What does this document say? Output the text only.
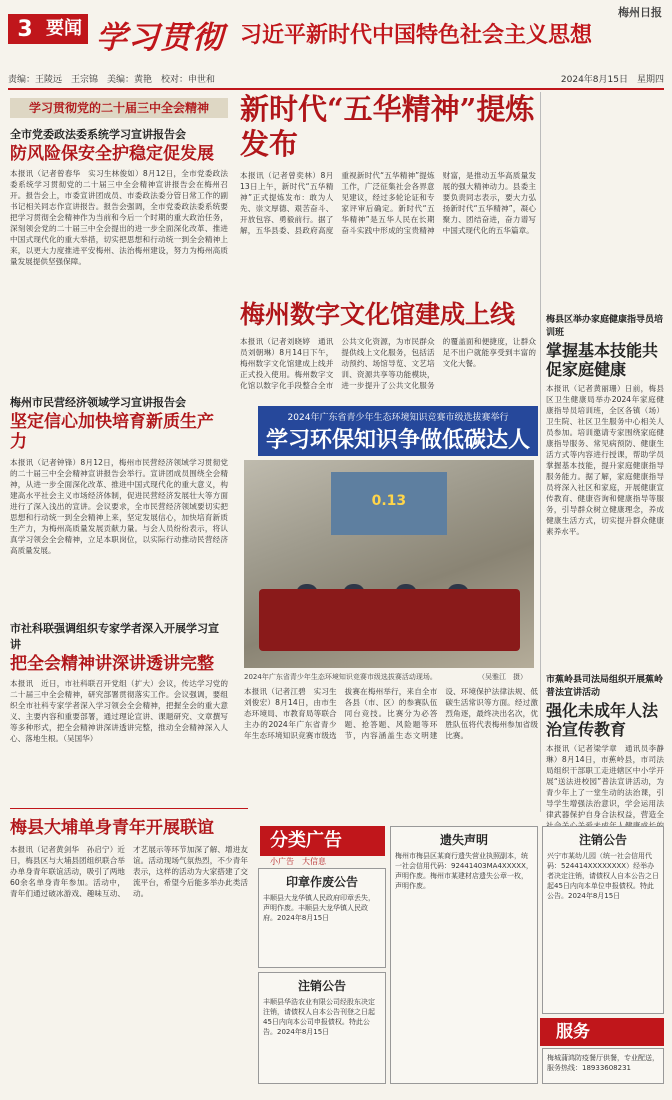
3 要闻 学习贯彻 习近平新时代中国特色社会主义思想
梅州日报
责编：王陵远　王宗锦　美编：黄艳　校对：申世和	2024年8月15日　星期四
学习贯彻党的二十届三中全会精神
全市党委政法委系统学习宣讲报告会
防风险保安全护稳定促发展
本报讯（记者曾春华　实习生林俊如）8月12日，全市党委政法委系统学习贯彻党的二十届三中全会精神宣讲报告会在梅州召开。报告会上，市委宣讲团成员、市委政法委分管日常工作的副书记相关同志作宣讲报告。报告会强调，全市党委政法委系统要把学习贯彻全会精神作为当前和今后一个时期的重大政治任务，深刻领会党的二十届三中全会提出的进一步全面深化改革、推进中国式现代化的重大举措，切实把思想和行动统一到全会精神上来，以更大力度推进平安梅州、法治梅州建设，努力为梅州高质量发展提供坚强保障。
梅州市民营经济领域学习宣讲报告会
坚定信心加快培育新质生产力
本报讯（记者钟锋）8月12日，梅州市民营经济领域学习贯彻党的二十届三中全会精神宣讲报告会举行。宣讲团成员围绕全会精神，从进一步全面深化改革、推进中国式现代化的重大意义，构建高水平社会主义市场经济体制，促进民营经济发展壮大等方面进行了深入浅出的宣讲。会议要求，全市民营经济领域要切实把思想和行动统一到全会精神上来，坚定发展信心，加快培育新质生产力，为梅州高质量发展贡献力量。与会人员纷纷表示，将认真学习领会全会精神，立足本职岗位，以实际行动推动民营经济高质量发展。
市社科联强调组织专家学者深入开展学习宣讲
把全会精神讲深讲透讲完整
本报讯　近日，市社科联召开党组（扩大）会议，传达学习党的二十届三中全会精神，研究部署贯彻落实工作。会议强调，要组织全市社科专家学者深入学习领会全会精神，把握全会的重大意义、主要内容和重要部署，通过理论宣讲、课题研究、文章撰写等多种形式，把全会精神讲深讲透讲完整，推动全会精神深入人心、落地生根。（吴国华）
梅县大埔单身青年开展联谊
本报讯（记者黄剑华　孙启宁）近日，梅县区与大埔县团组织联合举办单身青年联谊活动，吸引了两地60余名单身青年参加。活动中，青年们通过破冰游戏、趣味互动、才艺展示等环节加深了解、增进友谊。活动现场气氛热烈，不少青年表示，这样的活动为大家搭建了交流平台，希望今后能多举办此类活动。
新时代“五华精神”提炼发布
本报讯（记者曾奕林）8月13日上午，新时代“五华精神”正式提炼发布：敢为人先、崇文厚德、艰苦奋斗、开放包容、勇毅前行。据了解，五华县委、县政府高度重视新时代“五华精神”提炼工作，广泛征集社会各界意见建议，经过多轮论证和专家评审后确定。新时代“五华精神”是五华人民在长期奋斗实践中形成的宝贵精神财富，是推动五华高质量发展的强大精神动力。县委主要负责同志表示，要大力弘扬新时代“五华精神”，凝心聚力、团结奋进，奋力谱写中国式现代化的五华篇章。
梅州数字文化馆建成上线
本报讯（记者刘晓婷　通讯员刘朝琳）8月14日下午，梅州数字文化馆建成上线并正式投入使用。梅州数字文化馆以数字化手段整合全市公共文化资源，为市民群众提供线上文化服务，包括活动预约、场馆导览、文艺培训、资源共享等功能模块，进一步提升了公共文化服务的覆盖面和便捷度，让群众足不出户就能享受到丰富的文化大餐。
2024年广东省青少年生态环境知识竞赛市级选拔赛举行
学习环保知识争做低碳达人
0.13
2024年广东省青少年生态环境知识竞赛市级选拔赛活动现场。	（吴雅江　摄）
本报讯（记者江碧　实习生刘俊宏）8月14日，由市生态环境局、市教育局等联合主办的2024年广东省青少年生态环境知识竞赛市级选拔赛在梅州举行，来自全市各县（市、区）的参赛队伍同台竞技。比赛分为必答题、抢答题、风险题等环节，内容涵盖生态文明建设、环境保护法律法规、低碳生活常识等方面。经过激烈角逐，最终决出名次，优胜队伍将代表梅州参加省级比赛。
梅县区举办家庭健康指导员培训班
掌握基本技能共促家庭健康
本报讯（记者黄丽珊）日前，梅县区卫生健康局举办2024年家庭健康指导员培训班，全区各镇（场）卫生院、社区卫生服务中心相关人员参加。培训邀请专家围绕家庭健康指导服务、常见病预防、健康生活方式等内容进行授课，帮助学员掌握基本技能，提升家庭健康指导服务能力。据了解，家庭健康指导员将深入社区和家庭，开展健康宣传教育、健康咨询和健康指导等服务，引导群众树立健康理念，养成健康生活方式，切实提升群众健康素养水平。
市蕉岭县司法局组织开展蕉岭普法宣讲活动
强化未成年人法治宣传教育
本报讯（记者梁学章　通讯员李静琳）8月14日，市蕉岭县，市司法局组织干部职工走进辖区中小学开展“送法进校园”普法宣讲活动，为青少年上了一堂生动的法治课，引导学生增强法治意识，学会运用法律武器保护自身合法权益，营造全
分类广告
小广告　大信息
印章作废公告
丰顺县大龙华镇人民政府印章丢失，声明作废。丰顺县大龙华镇人民政府。2024年8月15日
注销公告
丰顺县华浩农业有限公司经股东决定注销，请债权人自本公告刊登之日起45日内向本公司申报债权。特此公告。2024年8月15日
遗失声明
梅州市梅县区某商行遗失营业执照副本，统一社会信用代码：92441403MA4XXXXX，声明作废。梅州市某建材店遗失公章一枚，声明作废。
注销公告
兴宁市某幼儿园（统一社会信用代码：524414XXXXXXXX）经举办者决定注销，请债权人自本公告之日起45日内向本单位申报债权。特此公告。2024年8月15日
服务
梅城蒲鸿防疫餐厅供餐，专业配送，服务热线：18933608231
